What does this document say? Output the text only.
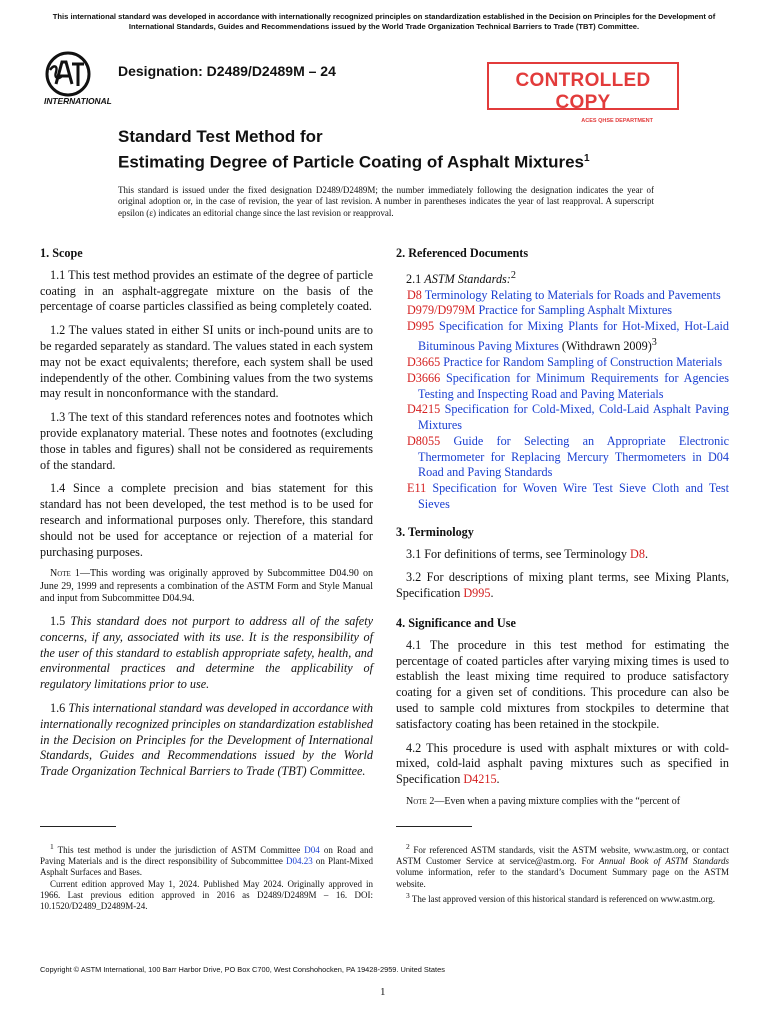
This international standard was developed in accordance with internationally recognized principles on standardization established in the Decision on Principles for the Development of International Standards, Guides and Recommendations issued by the World Trade Organization Technical Barriers to Trade (TBT) Committee.
INTERNATIONAL
Designation: D2489/D2489M – 24	CONTROLLED COPY
ACES QHSE DEPARTMENT
Standard Test Method for
Estimating Degree of Particle Coating of Asphalt Mixtures$^1$
This standard is issued under the fixed designation D2489/D2489M; the number immediately following the designation indicates the year of original adoption or, in the case of revision, the year of last revision. A number in parentheses indicates the year of last reapproval. A superscript epsilon (ε) indicates an editorial change since the last revision or reapproval.
1. Scope

1.1 This test method provides an estimate of the degree of particle coating in an asphalt-aggregate mixture on the basis of the percentage of coarse particles classified as being completely coated.

1.2 The values stated in either SI units or inch-pound units are to be regarded separately as standard. The values stated in each system may not be exact equivalents; therefore, each system shall be used independently of the other. Combining values from the two systems may result in nonconformance with the standard.

1.3 The text of this standard references notes and footnotes which provide explanatory material. These notes and footnotes (excluding those in tables and figures) shall not be considered as requirements of the standard.

1.4 Since a complete precision and bias statement for this standard has not been developed, the test method is to be used for research and informational purposes only. Therefore, this standard should not be used for acceptance or rejection of a material for purchasing purposes.

Note 1—This wording was originally approved by Subcommittee D04.90 on June 29, 1999 and represents a combination of the ASTM Form and Style Manual and input from Subcommittee D04.94.

1.5 This standard does not purport to address all of the safety concerns, if any, associated with its use. It is the responsibility of the user of this standard to establish appropriate safety, health, and environmental practices and determine the applicability of regulatory limitations prior to use.

1.6 This international standard was developed in accordance with internationally recognized principles on standardization established in the Decision on Principles for the Development of International Standards, Guides and Recommendations issued by the World Trade Organization Technical Barriers to Trade (TBT) Committee.

2. Referenced Documents

2.1 ASTM Standards:$^2$

D8 Terminology Relating to Materials for Roads and Pavements

D979/D979M Practice for Sampling Asphalt Mixtures

D995 Specification for Mixing Plants for Hot-Mixed, Hot-Laid Bituminous Paving Mixtures (Withdrawn 2009)$^3$

D3665 Practice for Random Sampling of Construction Materials

D3666 Specification for Minimum Requirements for Agencies Testing and Inspecting Road and Paving Materials

D4215 Specification for Cold-Mixed, Cold-Laid Asphalt Paving Mixtures

D8055 Guide for Selecting an Appropriate Electronic Thermometer for Replacing Mercury Thermometers in D04 Road and Paving Standards

E11 Specification for Woven Wire Test Sieve Cloth and Test Sieves

3. Terminology

3.1 For definitions of terms, see Terminology D8.

3.2 For descriptions of mixing plant terms, see Mixing Plants, Specification D995.

4. Significance and Use

4.1 The procedure in this test method for estimating the percentage of coated particles after varying mixing times is used to establish the least mixing time required to produce satisfactory coating for a given set of conditions. This procedure can also be used to sample cold mixtures from stockpiles to determine that satisfactory coating has been retained in the stockpile.

4.2 This procedure is used with asphalt mixtures or with cold-mixed, cold-laid asphalt paving mixtures such as specified in Specification D4215.

Note 2—Even when a paving mixture complies with the “percent of

$^1$ This test method is under the jurisdiction of ASTM Committee D04 on Road and Paving Materials and is the direct responsibility of Subcommittee D04.23 on Plant-Mixed Asphalt Surfaces and Bases.

Current edition approved May 1, 2024. Published May 2024. Originally approved in 1966. Last previous edition approved in 2016 as D2489/D2489M – 16. DOI: 10.1520/D2489_D2489M-24.

$^2$ For referenced ASTM standards, visit the ASTM website, www.astm.org, or contact ASTM Customer Service at service@astm.org. For Annual Book of ASTM Standards volume information, refer to the standard’s Document Summary page on the ASTM website.

$^3$ The last approved version of this historical standard is referenced on www.astm.org.

Copyright © ASTM International, 100 Barr Harbor Drive, PO Box C700, West Conshohocken, PA 19428-2959. United States
1
